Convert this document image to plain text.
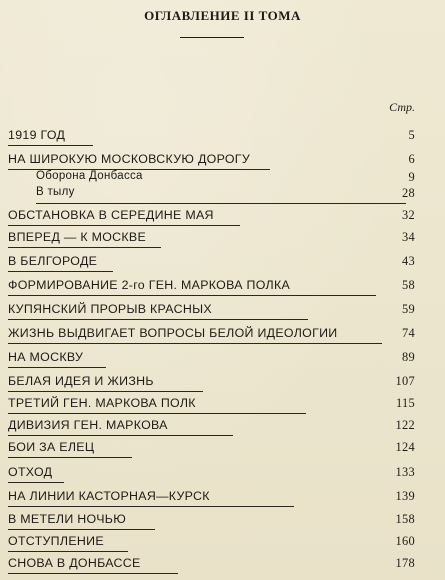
ОГЛАВЛЕНИЕ II ТОМА
Стр.
1919 ГОД	5
НА ШИРОКУЮ МОСКОВСКУЮ ДОРОГУ	6
Оборона Донбасса	9
В тылу	28
ОБСТАНОВКА В СЕРЕДИНЕ МАЯ	32
ВПЕРЕД — К МОСКВЕ	34
В БЕЛГОРОДЕ	43
ФОРМИРОВАНИЕ 2-го ГЕН. МАРКОВА ПОЛКА	58
КУПЯНСКИЙ ПРОРЫВ КРАСНЫХ	59
ЖИЗНЬ ВЫДВИГАЕТ ВОПРОСЫ БЕЛОЙ ИДЕОЛОГИИ	74
НА МОСКВУ	89
БЕЛАЯ ИДЕЯ И ЖИЗНЬ	107
ТРЕТИЙ ГЕН. МАРКОВА ПОЛК	115
ДИВИЗИЯ ГЕН. МАРКОВА	122
БОИ ЗА ЕЛЕЦ	124
ОТХОД	133
НА ЛИНИИ КАСТОРНАЯ—КУРСК	139
В МЕТЕЛИ НОЧЬЮ	158
ОТСТУПЛЕНИЕ	160
СНОВА В ДОНБАССЕ	178
